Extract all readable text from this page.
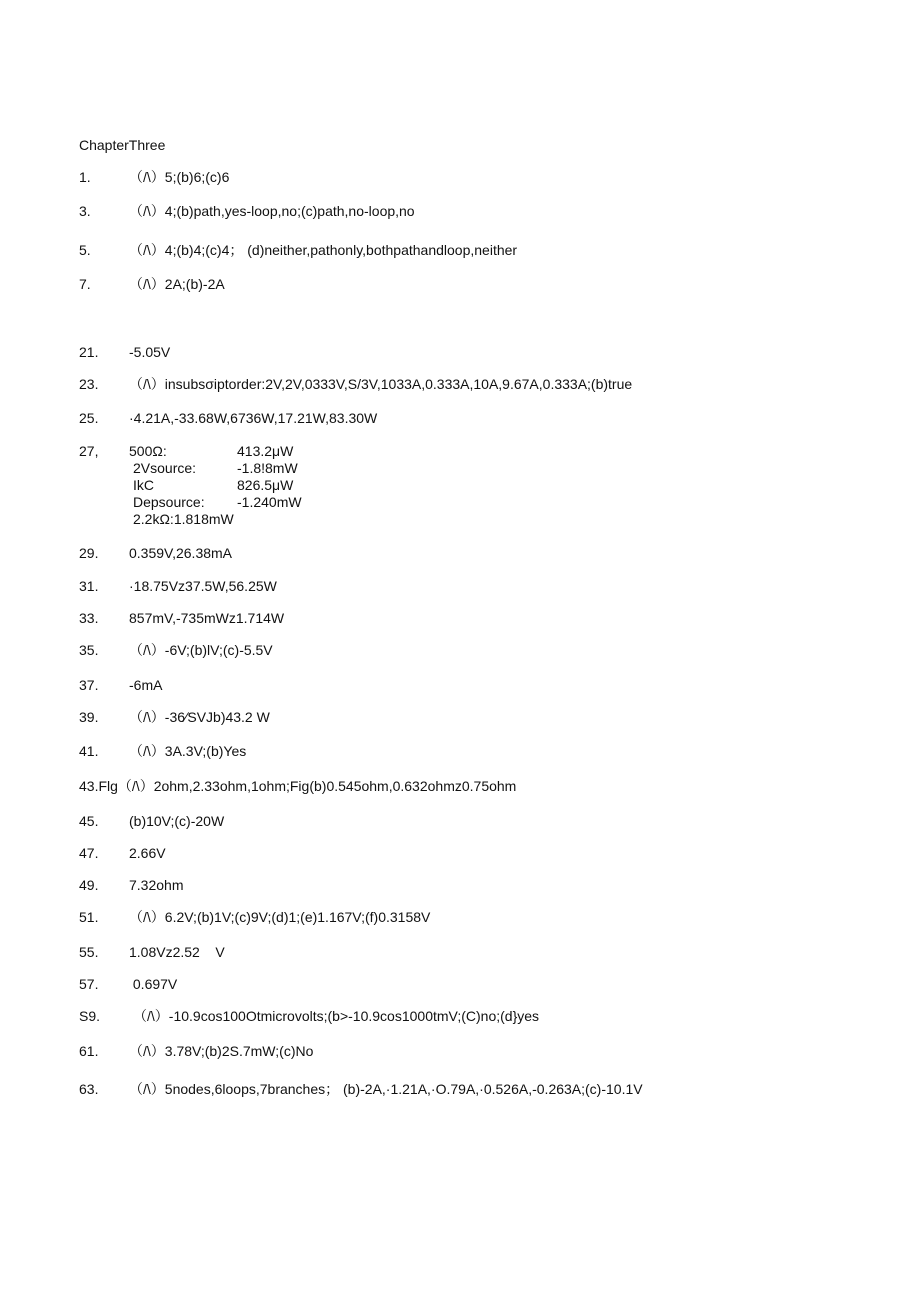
ChapterThree
1.	（/\）5;(b)6;(c)6
3.	（/\）4;(b)path,yes-loop,no;(c)path,no-loop,no
5.	（/\）4;(b)4;(c)4； (d)neither,pathonly,bothpathandloop,neither
7.	（/\）2A;(b)-2A
21. -5.05V
23. （/\）insubsσiptorder:2V,2V,0333V,S/3V,1033A,0.333A,10A,9.67A,0.333A;(b)true
25. ·4.21A,-33.68W,6736W,17.21W,83.30W
27, 500Ω:	413.2μW
2Vsource:	-1.8!8mW
IkC	826.5μW
Depsource: -1.240mW
2.2kΩ:1.818mW
29. 0.359V,26.38mA
31. ·18.75Vz37.5W,56.25W
33. 857mV,-735mWz1.714W
35. （/\）-6V;(b)lV;(c)-5.5V
37. -6mA
39. （/\）-36∕SVJb)43.2 W
41. （/\）3A.3V;(b)Yes
43.Flg（/\）2ohm,2.33ohm,1ohm;Fig(b)0.545ohm,0.632ohmz0.75ohm
45. (b)10V;(c)-20W
47. 2.66V
49. 7.32ohm
51. （/\）6.2V;(b)1V;(c)9V;(d)1;(e)1.167V;(f)0.3158V
55. 1.08Vz2.52    V
57. 0.697V
S9. （/\）-10.9cos100Otmicrovolts;(b>-10.9cos1000tmV;(C)no;(d}yes
61. （/\）3.78V;(b)2S.7mW;(c)No
63. （/\）5nodes,6loops,7branches； (b)-2A,·1.21A,·O.79A,·0.526A,-0.263A;(c)-10.1V
